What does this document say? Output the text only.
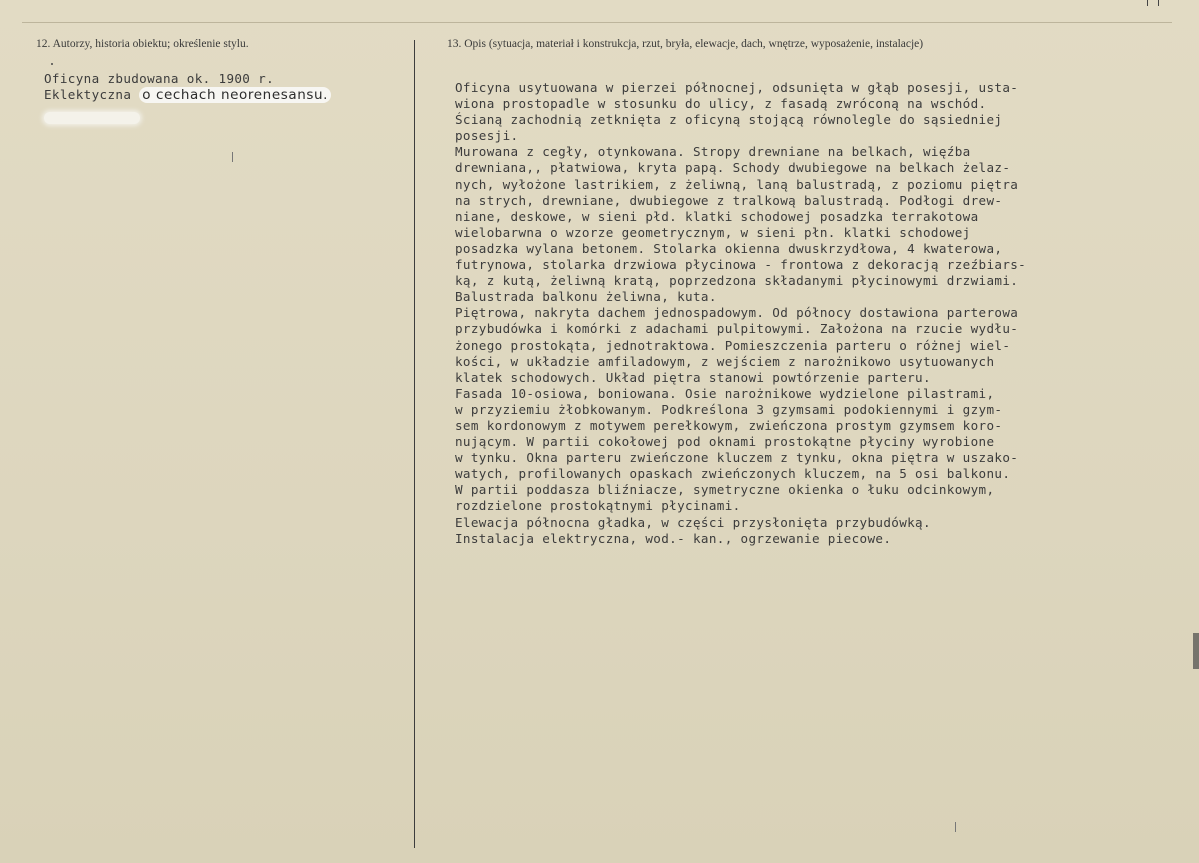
12. Autorzy, historia obiektu; określenie stylu.	13. Opis (sytuacja, materiał i konstrukcja, rzut, bryła, elewacje, dach, wnętrze, wyposażenie, instalacje)
Oficyna zbudowana ok. 1900 r.
Eklektyczna o cechach neorenesansu.	Oficyna usytuowana w pierzei północnej, odsunięta w głąb posesji, usta-
wiona prostopadle w stosunku do ulicy, z fasadą zwróconą na wschód.
Ścianą zachodnią zetknięta z oficyną stojącą równolegle do sąsiedniej
posesji.
Murowana z cegły, otynkowana. Stropy drewniane na belkach, więźba
drewniana,, płatwiowa, kryta papą. Schody dwubiegowe na belkach żelaz-
nych, wyłożone lastrikiem, z żeliwną, laną balustradą, z poziomu piętra
na strych, drewniane, dwubiegowe z tralkową balustradą. Podłogi drew-
niane, deskowe, w sieni płd. klatki schodowej posadzka terrakotowa
wielobarwna o wzorze geometrycznym, w sieni płn. klatki schodowej
posadzka wylana betonem. Stolarka okienna dwuskrzydłowa, 4 kwaterowa,
futrynowa, stolarka drzwiowa płycinowa - frontowa z dekoracją rzeźbiars-
ką, z kutą, żeliwną kratą, poprzedzona składanymi płycinowymi drzwiami.
Balustrada balkonu żeliwna, kuta.
Piętrowa, nakryta dachem jednospadowym. Od północy dostawiona parterowa
przybudówka i komórki z adachami pulpitowymi. Założona na rzucie wydłu-
żonego prostokąta, jednotraktowa. Pomieszczenia parteru o różnej wiel-
kości, w układzie amfiladowym, z wejściem z narożnikowo usytuowanych
klatek schodowych. Układ piętra stanowi powtórzenie parteru.
Fasada 10-osiowa, boniowana. Osie narożnikowe wydzielone pilastrami,
w przyziemiu żłobkowanym. Podkreślona 3 gzymsami podokiennymi i gzym-
sem kordonowym z motywem perełkowym, zwieńczona prostym gzymsem koro-
nującym. W partii cokołowej pod oknami prostokątne płyciny wyrobione
w tynku. Okna parteru zwieńczone kluczem z tynku, okna piętra w uszako-
watych, profilowanych opaskach zwieńczonych kluczem, na 5 osi balkonu.
W partii poddasza bliźniacze, symetryczne okienka o łuku odcinkowym,
rozdzielone prostokątnymi płycinami.
Elewacja północna gładka, w części przysłonięta przybudówką.
Instalacja elektryczna, wod.- kan., ogrzewanie piecowe.
